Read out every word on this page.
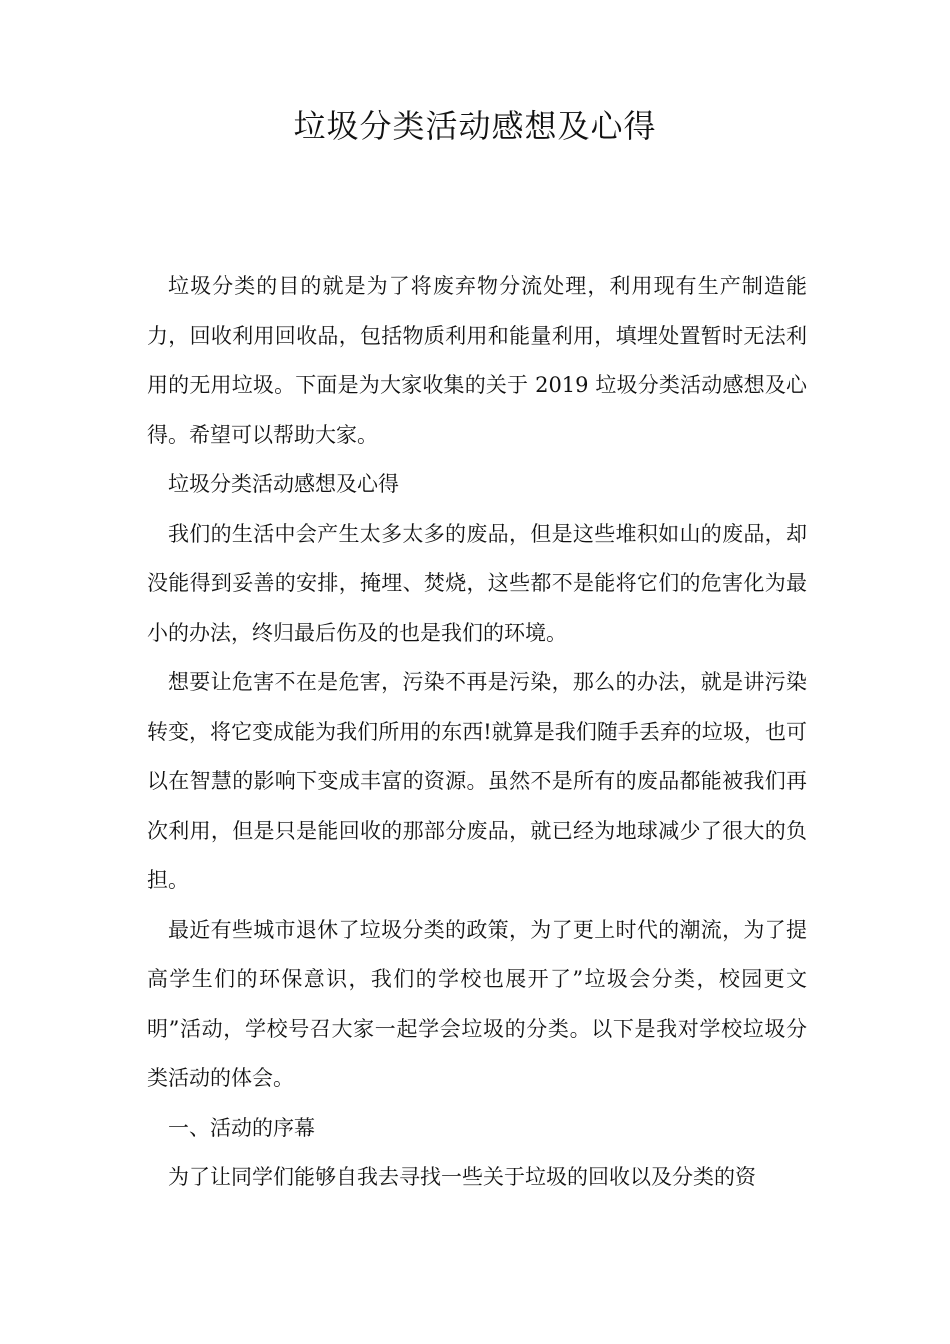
垃圾分类活动感想及心得

垃圾分类的目的就是为了将废弃物分流处理，利用现有生产制造能力，回收利用回收品，包括物质利用和能量利用，填埋处置暂时无法利用的无用垃圾。下面是为大家收集的关于 2019 垃圾分类活动感想及心得。希望可以帮助大家。

垃圾分类活动感想及心得

我们的生活中会产生太多太多的废品，但是这些堆积如山的废品，却没能得到妥善的安排，掩埋、焚烧，这些都不是能将它们的危害化为最小的办法，终归最后伤及的也是我们的环境。

想要让危害不在是危害，污染不再是污染，那么的办法，就是讲污染转变，将它变成能为我们所用的东西!就算是我们随手丢弃的垃圾，也可以在智慧的影响下变成丰富的资源。虽然不是所有的废品都能被我们再次利用，但是只是能回收的那部分废品，就已经为地球减少了很大的负担。

最近有些城市退休了垃圾分类的政策，为了更上时代的潮流，为了提高学生们的环保意识，我们的学校也展开了”垃圾会分类，校园更文明”活动，学校号召大家一起学会垃圾的分类。以下是我对学校垃圾分类活动的体会。

一、活动的序幕

为了让同学们能够自我去寻找一些关于垃圾的回收以及分类的资
